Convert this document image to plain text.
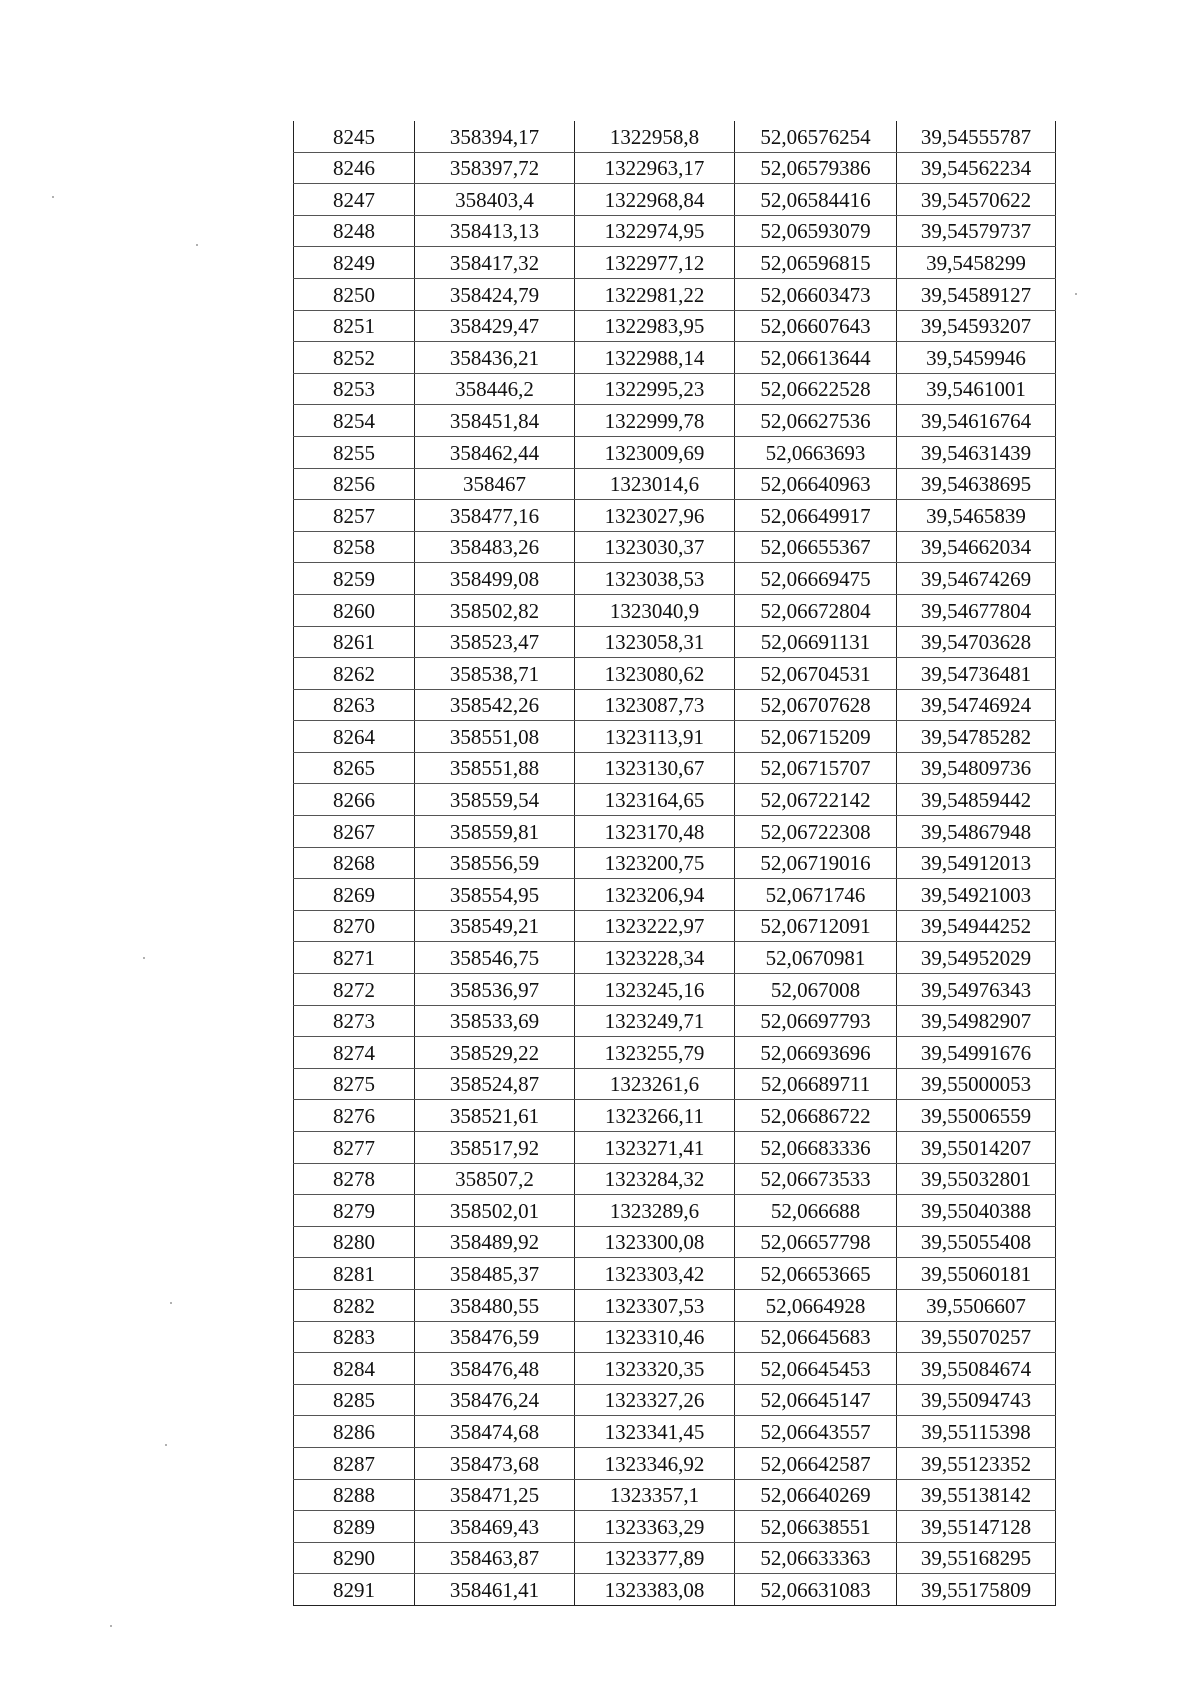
8245	358394,17	1322958,8	52,06576254	39,54555787
8246	358397,72	1322963,17	52,06579386	39,54562234
8247	358403,4	1322968,84	52,06584416	39,54570622
8248	358413,13	1322974,95	52,06593079	39,54579737
8249	358417,32	1322977,12	52,06596815	39,5458299
8250	358424,79	1322981,22	52,06603473	39,54589127
8251	358429,47	1322983,95	52,06607643	39,54593207
8252	358436,21	1322988,14	52,06613644	39,5459946
8253	358446,2	1322995,23	52,06622528	39,5461001
8254	358451,84	1322999,78	52,06627536	39,54616764
8255	358462,44	1323009,69	52,0663693	39,54631439
8256	358467	1323014,6	52,06640963	39,54638695
8257	358477,16	1323027,96	52,06649917	39,5465839
8258	358483,26	1323030,37	52,06655367	39,54662034
8259	358499,08	1323038,53	52,06669475	39,54674269
8260	358502,82	1323040,9	52,06672804	39,54677804
8261	358523,47	1323058,31	52,06691131	39,54703628
8262	358538,71	1323080,62	52,06704531	39,54736481
8263	358542,26	1323087,73	52,06707628	39,54746924
8264	358551,08	1323113,91	52,06715209	39,54785282
8265	358551,88	1323130,67	52,06715707	39,54809736
8266	358559,54	1323164,65	52,06722142	39,54859442
8267	358559,81	1323170,48	52,06722308	39,54867948
8268	358556,59	1323200,75	52,06719016	39,54912013
8269	358554,95	1323206,94	52,0671746	39,54921003
8270	358549,21	1323222,97	52,06712091	39,54944252
8271	358546,75	1323228,34	52,0670981	39,54952029
8272	358536,97	1323245,16	52,067008	39,54976343
8273	358533,69	1323249,71	52,06697793	39,54982907
8274	358529,22	1323255,79	52,06693696	39,54991676
8275	358524,87	1323261,6	52,06689711	39,55000053
8276	358521,61	1323266,11	52,06686722	39,55006559
8277	358517,92	1323271,41	52,06683336	39,55014207
8278	358507,2	1323284,32	52,06673533	39,55032801
8279	358502,01	1323289,6	52,066688	39,55040388
8280	358489,92	1323300,08	52,06657798	39,55055408
8281	358485,37	1323303,42	52,06653665	39,55060181
8282	358480,55	1323307,53	52,0664928	39,5506607
8283	358476,59	1323310,46	52,06645683	39,55070257
8284	358476,48	1323320,35	52,06645453	39,55084674
8285	358476,24	1323327,26	52,06645147	39,55094743
8286	358474,68	1323341,45	52,06643557	39,55115398
8287	358473,68	1323346,92	52,06642587	39,55123352
8288	358471,25	1323357,1	52,06640269	39,55138142
8289	358469,43	1323363,29	52,06638551	39,55147128
8290	358463,87	1323377,89	52,06633363	39,55168295
8291	358461,41	1323383,08	52,06631083	39,55175809
